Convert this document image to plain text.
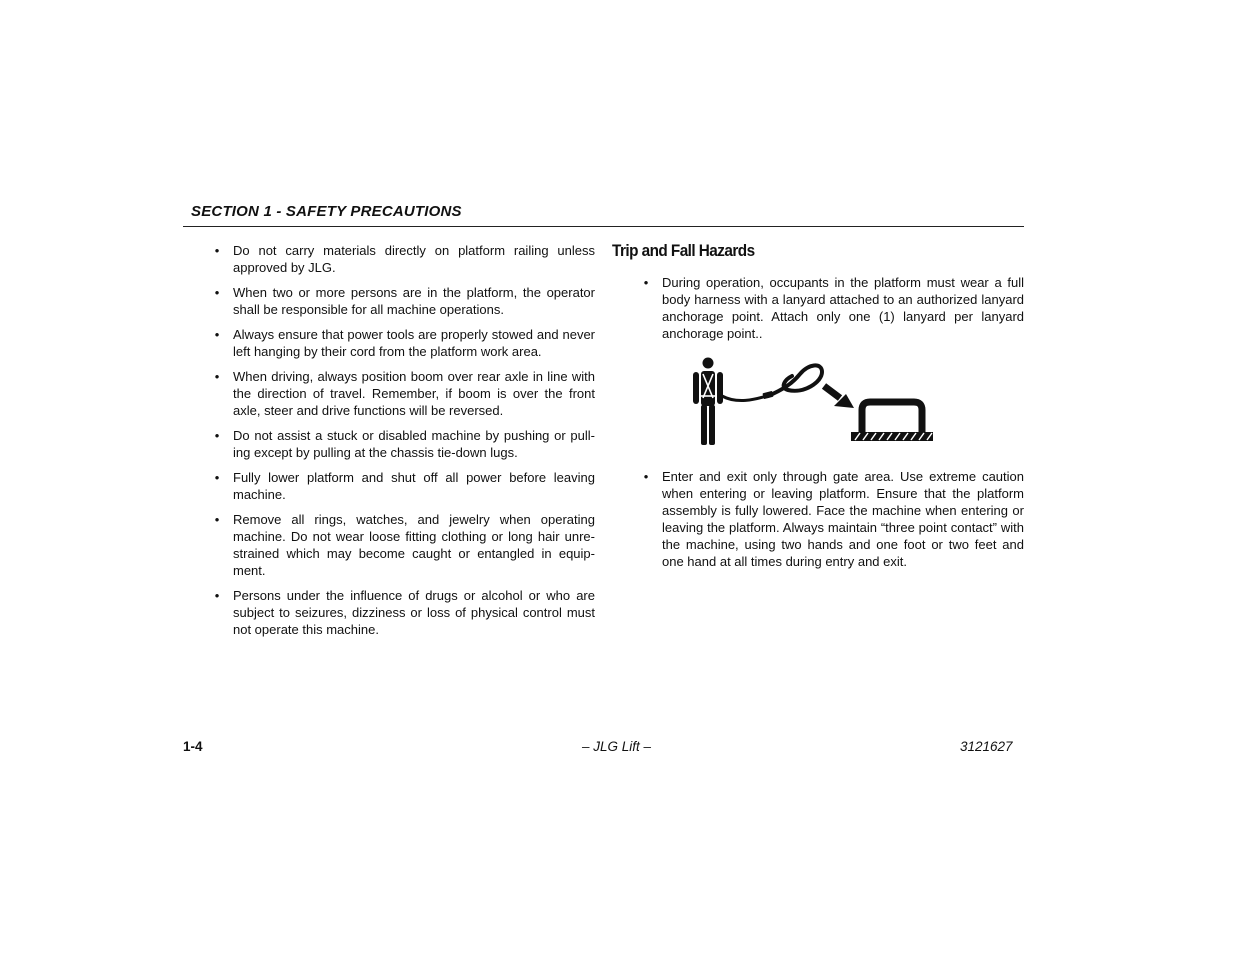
SECTION 1 - SAFETY PRECAUTIONS
• Do not carry materials directly on platform railing unless approved by JLG.
• When two or more persons are in the platform, the operator shall be responsible for all machine operations.
• Always ensure that power tools are properly stowed and never left hanging by their cord from the platform work area.
• When driving, always position boom over rear axle in line with the direction of travel. Remember, if boom is over the front axle, steer and drive functions will be reversed.
• Do not assist a stuck or disabled machine by pushing or pull-ing except by pulling at the chassis tie-down lugs.
• Fully lower platform and shut off all power before leaving machine.
• Remove all rings, watches, and jewelry when operating machine. Do not wear loose fitting clothing or long hair unre-strained which may become caught or entangled in equip-ment.
• Persons under the influence of drugs or alcohol or who are subject to seizures, dizziness or loss of physical control must not operate this machine.
Trip and Fall Hazards
• During operation, occupants in the platform must wear a full body harness with a lanyard attached to an authorized lanyard anchorage point. Attach only one (1) lanyard per lanyard anchorage point..
• Enter and exit only through gate area. Use extreme caution when entering or leaving platform. Ensure that the platform assembly is fully lowered. Face the machine when entering or leaving the platform. Always maintain “three point contact” with the machine, using two hands and one foot or two feet and one hand at all times during entry and exit.
1-4	– JLG Lift –	3121627
